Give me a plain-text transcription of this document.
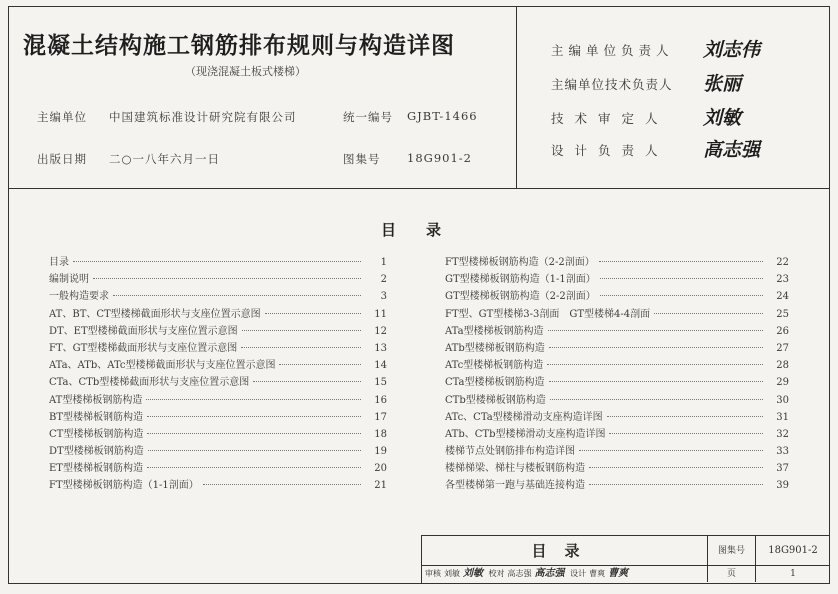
混凝土结构施工钢筋排布规则与构造详图
（现浇混凝土板式楼梯）
主编单位 中国建筑标准设计研究院有限公司	统一编号 GJBT-1466
出版日期 二○一八年六月一日	图集号 18G901-2
主编单位负责人 刘志伟
主编单位技术负责人 张丽
技术审定人 刘敏
设计负责人 高志强
目录
目录	1
编制说明	2
一般构造要求	3
AT、BT、CT型楼梯截面形状与支座位置示意图	11
DT、ET型楼梯截面形状与支座位置示意图	12
FT、GT型楼梯截面形状与支座位置示意图	13
ATa、ATb、ATc型楼梯截面形状与支座位置示意图	14
CTa、CTb型楼梯截面形状与支座位置示意图	15
AT型楼梯板钢筋构造	16
BT型楼梯板钢筋构造	17
CT型楼梯板钢筋构造	18
DT型楼梯板钢筋构造	19
ET型楼梯板钢筋构造	20
FT型楼梯板钢筋构造（1-1剖面）	21
FT型楼梯板钢筋构造（2-2剖面）	22
GT型楼梯板钢筋构造（1-1剖面）	23
GT型楼梯板钢筋构造（2-2剖面）	24
FT型、GT型楼梯3-3剖面　GT型楼梯4-4剖面	25
ATa型楼梯板钢筋构造	26
ATb型楼梯板钢筋构造	27
ATc型楼梯板钢筋构造	28
CTa型楼梯板钢筋构造	29
CTb型楼梯板钢筋构造	30
ATc、CTa型楼梯滑动支座构造详图	31
ATb、CTb型楼梯滑动支座构造详图	32
楼梯节点处钢筋排布构造详图	33
楼梯梯梁、梯柱与楼板钢筋构造	37
各型楼梯第一跑与基础连接构造	39
目录	图集号	18G901-2
审核 刘敏 刘敏 校对 高志强 高志强 设计 曹爽 曹爽	页	1
